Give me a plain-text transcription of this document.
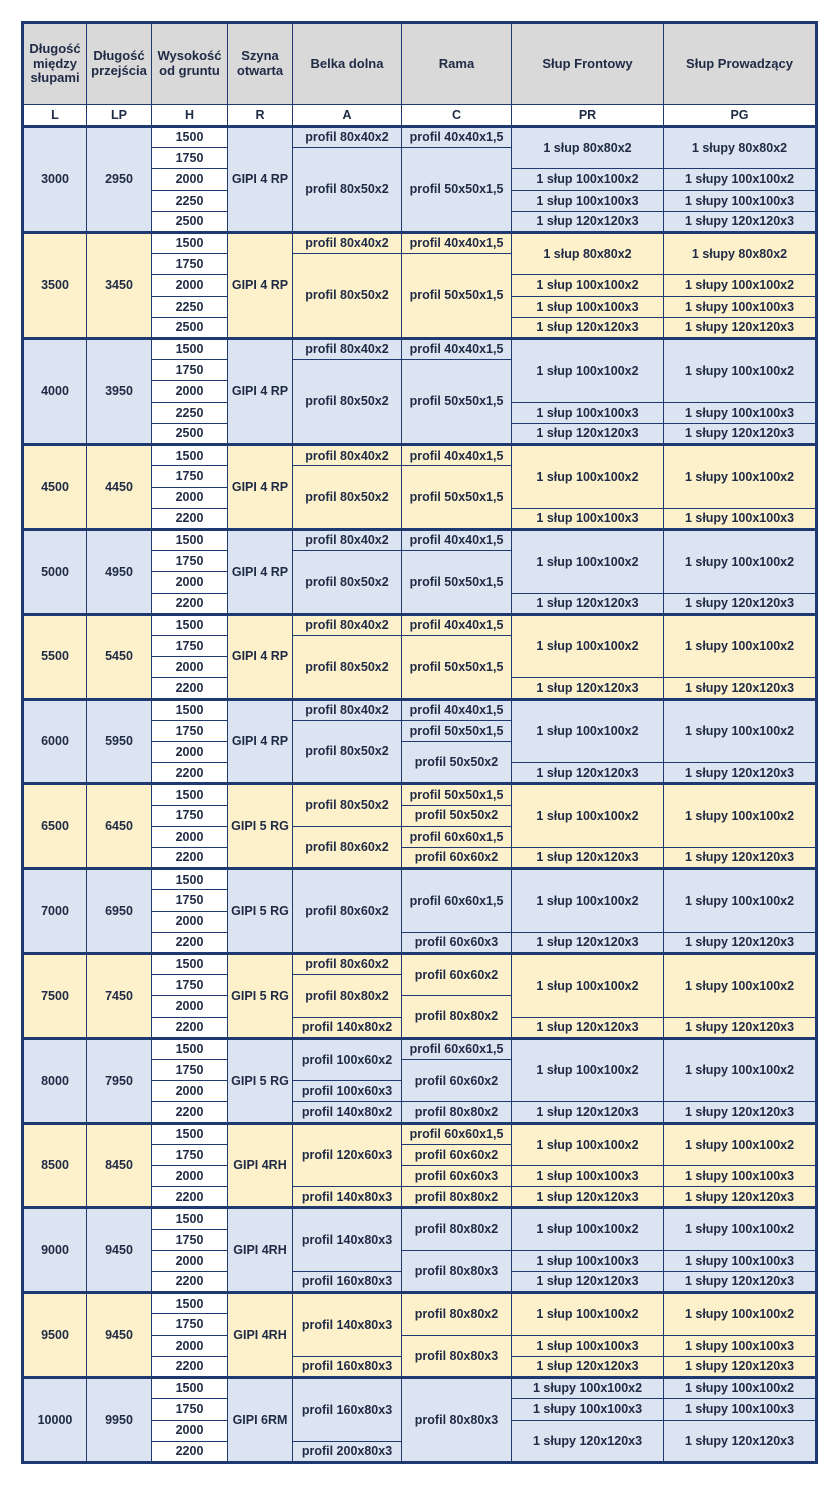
Długość między słupami	Długość przejścia	Wysokość od gruntu	Szyna otwarta	Belka dolna	Rama	Słup Frontowy	Słup Prowadzący
L	LP	H	R	A	C	PR	PG
3000	2950	1500	GIPI 4 RP	profil 80x40x2	profil 40x40x1,5	1 słup 80x80x2	1 słupy 80x80x2
		1750		profil 80x50x2	profil 50x50x1,5		
		2000				1 słup 100x100x2	1 słupy 100x100x2
		2250				1 słup 100x100x3	1 słupy 100x100x3
		2500				1 słup 120x120x3	1 słupy 120x120x3
3500	3450	1500	GIPI 4 RP	profil 80x40x2	profil 40x40x1,5	1 słup 80x80x2	1 słupy 80x80x2
		1750		profil 80x50x2	profil 50x50x1,5		
		2000				1 słup 100x100x2	1 słupy 100x100x2
		2250				1 słup 100x100x3	1 słupy 100x100x3
		2500				1 słup 120x120x3	1 słupy 120x120x3
4000	3950	1500	GIPI 4 RP	profil 80x40x2	profil 40x40x1,5	1 słup 100x100x2	1 słupy 100x100x2
		1750		profil 80x50x2	profil 50x50x1,5		
		2000					
		2250				1 słup 100x100x3	1 słupy 100x100x3
		2500				1 słup 120x120x3	1 słupy 120x120x3
4500	4450	1500	GIPI 4 RP	profil 80x40x2	profil 40x40x1,5	1 słup 100x100x2	1 słupy 100x100x2
		1750		profil 80x50x2	profil 50x50x1,5		
		2000					
		2200				1 słup 100x100x3	1 słupy 100x100x3
5000	4950	1500	GIPI 4 RP	profil 80x40x2	profil 40x40x1,5	1 słup 100x100x2	1 słupy 100x100x2
		1750		profil 80x50x2	profil 50x50x1,5		
		2000					
		2200				1 słup 120x120x3	1 słupy 120x120x3
5500	5450	1500	GIPI 4 RP	profil 80x40x2	profil 40x40x1,5	1 słup 100x100x2	1 słupy 100x100x2
		1750		profil 80x50x2	profil 50x50x1,5		
		2000					
		2200				1 słup 120x120x3	1 słupy 120x120x3
6000	5950	1500	GIPI 4 RP	profil 80x40x2	profil 40x40x1,5	1 słup 100x100x2	1 słupy 100x100x2
		1750		profil 80x50x2	profil 50x50x1,5		
		2000			profil 50x50x2		
		2200				1 słup 120x120x3	1 słupy 120x120x3
6500	6450	1500	GIPI 5 RG	profil 80x50x2	profil 50x50x1,5	1 słup 100x100x2	1 słupy 100x100x2
		1750			profil 50x50x2		
		2000		profil 80x60x2	profil 60x60x1,5		
		2200			profil 60x60x2	1 słup 120x120x3	1 słupy 120x120x3
7000	6950	1500	GIPI 5 RG	profil 80x60x2	profil 60x60x1,5	1 słup 100x100x2	1 słupy 100x100x2
		1750					
		2000					
		2200			profil 60x60x3	1 słup 120x120x3	1 słupy 120x120x3
7500	7450	1500	GIPI 5 RG	profil 80x60x2	profil 60x60x2	1 słup 100x100x2	1 słupy 100x100x2
		1750		profil 80x80x2			
		2000			profil 80x80x2		
		2200		profil 140x80x2		1 słup 120x120x3	1 słupy 120x120x3
8000	7950	1500	GIPI 5 RG	profil 100x60x2	profil 60x60x1,5	1 słup 100x100x2	1 słupy 100x100x2
		1750			profil 60x60x2		
		2000		profil 100x60x3			
		2200		profil 140x80x2	profil 80x80x2	1 słup 120x120x3	1 słupy 120x120x3
8500	8450	1500	GIPI 4RH	profil 120x60x3	profil 60x60x1,5	1 słup 100x100x2	1 słupy 100x100x2
		1750			profil 60x60x2		
		2000			profil 60x60x3	1 słup 100x100x3	1 słupy 100x100x3
		2200		profil 140x80x3	profil 80x80x2	1 słup 120x120x3	1 słupy 120x120x3
9000	9450	1500	GIPI 4RH	profil 140x80x3	profil 80x80x2	1 słup 100x100x2	1 słupy 100x100x2
		1750					
		2000			profil 80x80x3	1 słup 100x100x3	1 słupy 100x100x3
		2200		profil 160x80x3		1 słup 120x120x3	1 słupy 120x120x3
9500	9450	1500	GIPI 4RH	profil 140x80x3	profil 80x80x2	1 słup 100x100x2	1 słupy 100x100x2
		1750					
		2000			profil 80x80x3	1 słup 100x100x3	1 słupy 100x100x3
		2200		profil 160x80x3		1 słup 120x120x3	1 słupy 120x120x3
10000	9950	1500	GIPI 6RM	profil 160x80x3	profil 80x80x3	1 słupy 100x100x2	1 słupy 100x100x2
		1750				1 słupy 100x100x3	1 słupy 100x100x3
		2000				1 słupy 120x120x3	1 słupy 120x120x3
		2200		profil 200x80x3			
